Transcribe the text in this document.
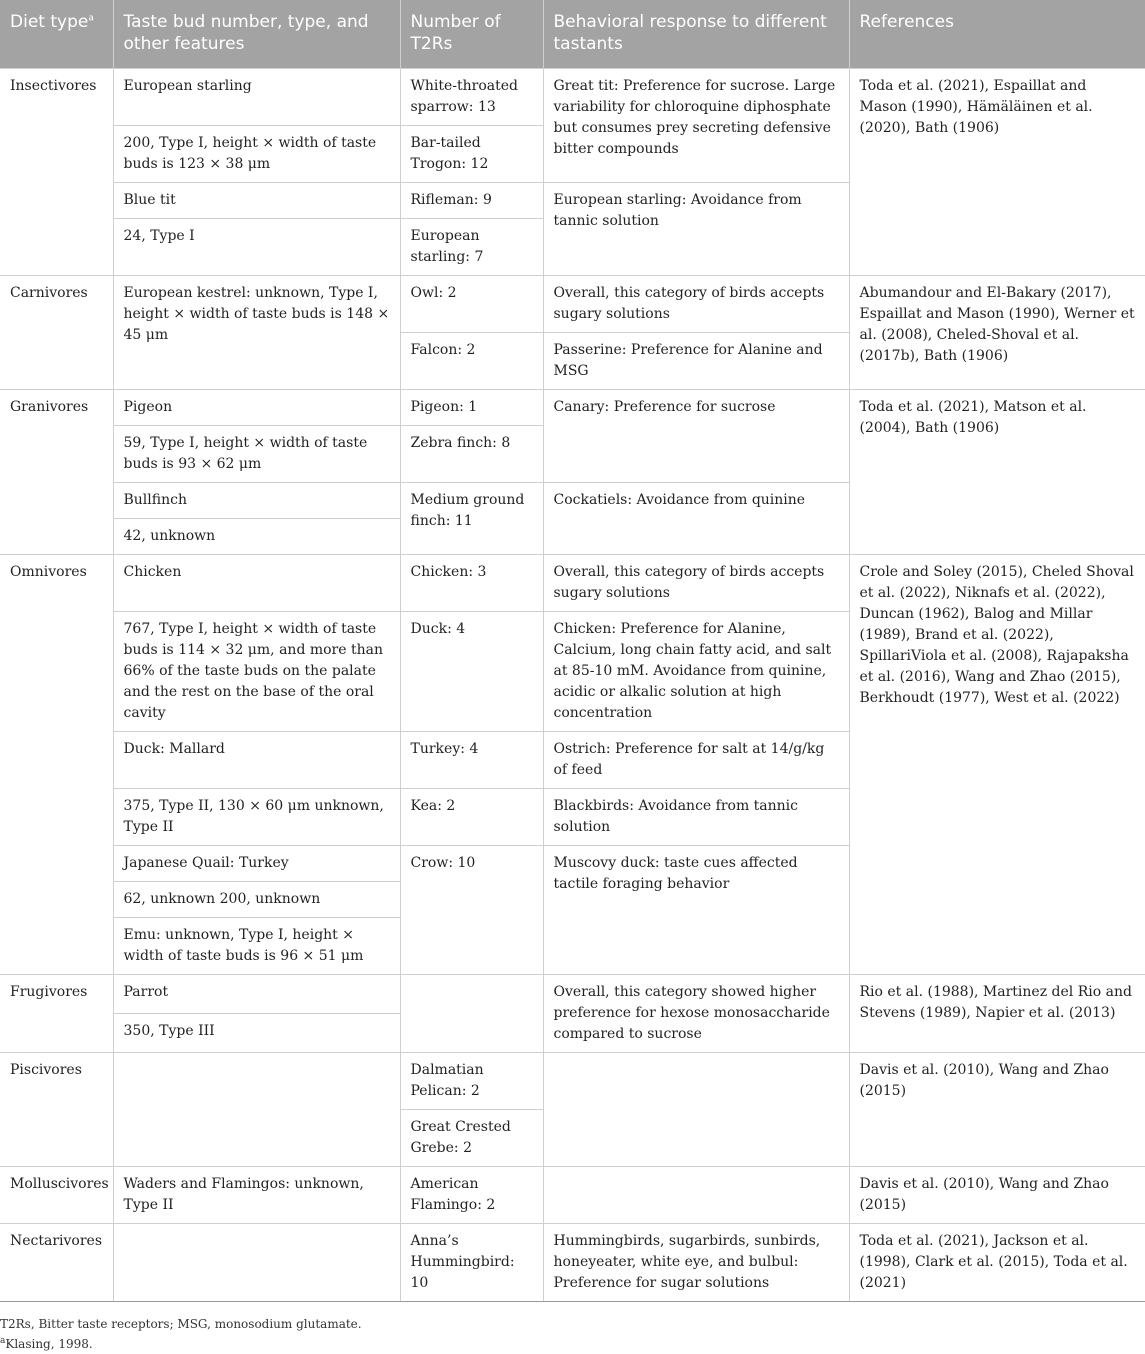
Diet type$^a$	Taste bud number, type, and other features	Number of T2Rs	Behavioral response to different tastants	References
Insectivores	European starling	White-throated sparrow: 13	Great tit: Preference for sucrose. Large variability for chloroquine diphosphate but consumes prey secreting defensive bitter compounds	Toda et al. (2021), Espaillat and Mason (1990), Hämäläinen et al. (2020), Bath (1906)
	200, Type I, height × width of taste buds is 123 × 38 μm	Bar-tailed Trogon: 12		
	Blue tit	Rifleman: 9	European starling: Avoidance from tannic solution	
	24, Type I	European starling: 7		
Carnivores	European kestrel: unknown, Type I, height × width of taste buds is 148 × 45 μm	Owl: 2	Overall, this category of birds accepts sugary solutions	Abumandour and El-Bakary (2017), Espaillat and Mason (1990), Werner et al. (2008), Cheled-Shoval et al. (2017b), Bath (1906)
		Falcon: 2	Passerine: Preference for Alanine and MSG	
Granivores	Pigeon	Pigeon: 1	Canary: Preference for sucrose	Toda et al. (2021), Matson et al. (2004), Bath (1906)
	59, Type I, height × width of taste buds is 93 × 62 μm	Zebra finch: 8		
	Bullfinch	Medium ground finch: 11	Cockatiels: Avoidance from quinine	
	42, unknown			
Omnivores	Chicken	Chicken: 3	Overall, this category of birds accepts sugary solutions	Crole and Soley (2015), Cheled Shoval et al. (2022), Niknafs et al. (2022), Duncan (1962), Balog and Millar (1989), Brand et al. (2022), SpillariViola et al. (2008), Rajapaksha et al. (2016), Wang and Zhao (2015), Berkhoudt (1977), West et al. (2022)
	767, Type I, height × width of taste buds is 114 × 32 μm, and more than 66% of the taste buds on the palate and the rest on the base of the oral cavity	Duck: 4	Chicken: Preference for Alanine, Calcium, long chain fatty acid, and salt at 85-10 mM. Avoidance from quinine, acidic or alkalic solution at high concentration	
	Duck: Mallard	Turkey: 4	Ostrich: Preference for salt at 14/g/kg of feed	
	375, Type II, 130 × 60 μm unknown, Type II	Kea: 2	Blackbirds: Avoidance from tannic solution	
	Japanese Quail: Turkey	Crow: 10	Muscovy duck: taste cues affected tactile foraging behavior	
	62, unknown 200, unknown			
	Emu: unknown, Type I, height × width of taste buds is 96 × 51 μm			
Frugivores	Parrot		Overall, this category showed higher preference for hexose monosaccharide compared to sucrose	Rio et al. (1988), Martinez del Rio and Stevens (1989), Napier et al. (2013)
	350, Type III			
Piscivores		Dalmatian Pelican: 2		Davis et al. (2010), Wang and Zhao (2015)
		Great Crested Grebe: 2		
Molluscivores	Waders and Flamingos: unknown, Type II	American Flamingo: 2		Davis et al. (2010), Wang and Zhao (2015)
Nectarivores		Anna’s Hummingbird: 10	Hummingbirds, sugarbirds, sunbirds, honeyeater, white eye, and bulbul: Preference for sugar solutions	Toda et al. (2021), Jackson et al. (1998), Clark et al. (2015), Toda et al. (2021)
T2Rs, Bitter taste receptors; MSG, monosodium glutamate.
$^a$Klasing, 1998.
